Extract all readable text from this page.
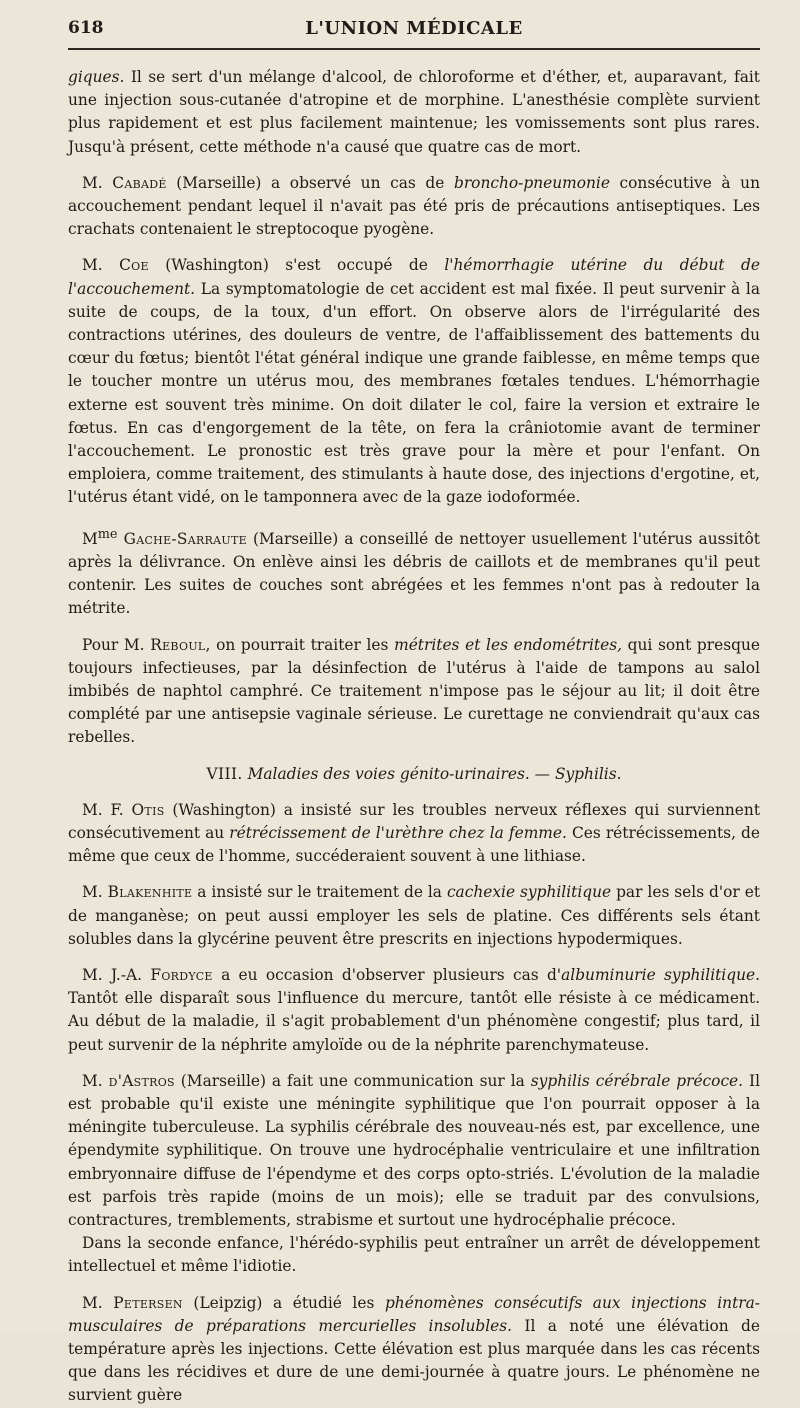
618	L'UNION MÉDICALE

giques. Il se sert d'un mélange d'alcool, de chloroforme et d'éther, et, auparavant, fait une injection sous-cutanée d'atropine et de morphine. L'anesthésie complète survient plus rapidement et est plus facilement maintenue; les vomissements sont plus rares. Jusqu'à présent, cette méthode n'a causé que quatre cas de mort.

M. Cabadé (Marseille) a observé un cas de broncho-pneumonie consécutive à un accouchement pendant lequel il n'avait pas été pris de précautions antiseptiques. Les crachats contenaient le streptocoque pyogène.

M. Coe (Washington) s'est occupé de l'hémorrhagie utérine du début de l'accouchement. La symptomatologie de cet accident est mal fixée. Il peut survenir à la suite de coups, de la toux, d'un effort. On observe alors de l'irrégularité des contractions utérines, des douleurs de ventre, de l'affaiblissement des battements du cœur du fœtus; bientôt l'état général indique une grande faiblesse, en même temps que le toucher montre un utérus mou, des membranes fœtales tendues. L'hémorrhagie externe est souvent très minime. On doit dilater le col, faire la version et extraire le fœtus. En cas d'engorgement de la tête, on fera la crâniotomie avant de terminer l'accouchement. Le pronostic est très grave pour la mère et pour l'enfant. On emploiera, comme traitement, des stimulants à haute dose, des injections d'ergotine, et, l'utérus étant vidé, on le tamponnera avec de la gaze iodoformée.

$M^{me}$ Gache-Sarraute (Marseille) a conseillé de nettoyer usuellement l'utérus aussitôt après la délivrance. On enlève ainsi les débris de caillots et de membranes qu'il peut contenir. Les suites de couches sont abrégées et les femmes n'ont pas à redouter la métrite.

Pour M. Reboul, on pourrait traiter les métrites et les endométrites, qui sont presque toujours infectieuses, par la désinfection de l'utérus à l'aide de tampons au salol imbibés de naphtol camphré. Ce traitement n'impose pas le séjour au lit; il doit être complété par une antisepsie vaginale sérieuse. Le curettage ne conviendrait qu'aux cas rebelles.

VIII. Maladies des voies génito-urinaires. — Syphilis.

M. F. Otis (Washington) a insisté sur les troubles nerveux réflexes qui surviennent consécutivement au rétrécissement de l'urèthre chez la femme. Ces rétrécissements, de même que ceux de l'homme, succéderaient souvent à une lithiase.

M. Blakenhite a insisté sur le traitement de la cachexie syphilitique par les sels d'or et de manganèse; on peut aussi employer les sels de platine. Ces différents sels étant solubles dans la glycérine peuvent être prescrits en injections hypodermiques.

M. J.-A. Fordyce a eu occasion d'observer plusieurs cas d'albuminurie syphilitique. Tantôt elle disparaît sous l'influence du mercure, tantôt elle résiste à ce médicament. Au début de la maladie, il s'agit probablement d'un phénomène congestif; plus tard, il peut survenir de la néphrite amyloïde ou de la néphrite parenchymateuse.

M. d'Astros (Marseille) a fait une communication sur la syphilis cérébrale précoce. Il est probable qu'il existe une méningite syphilitique que l'on pourrait opposer à la méningite tuberculeuse. La syphilis cérébrale des nouveau-nés est, par excellence, une épendymite syphilitique. On trouve une hydrocéphalie ventriculaire et une infiltration embryonnaire diffuse de l'épendyme et des corps opto-striés. L'évolution de la maladie est parfois très rapide (moins de un mois); elle se traduit par des convulsions, contractures, tremblements, strabisme et surtout une hydrocéphalie précoce.

Dans la seconde enfance, l'hérédo-syphilis peut entraîner un arrêt de développement intellectuel et même l'idiotie.

M. Petersen (Leipzig) a étudié les phénomènes consécutifs aux injections intra-musculaires de préparations mercurielles insolubles. Il a noté une élévation de température après les injections. Cette élévation est plus marquée dans les cas récents que dans les récidives et dure de une demi-journée à quatre jours. Le phénomène ne survient guère
